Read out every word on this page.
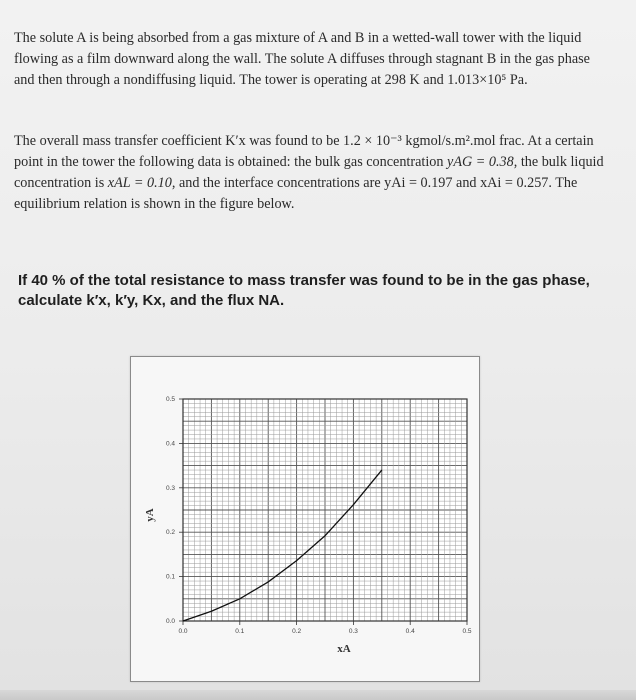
The solute A is being absorbed from a gas mixture of A and B in a wetted-wall tower with the liquid flowing as a film downward along the wall. The solute A diffuses through stagnant B in the gas phase and then through a nondiffusing liquid. The tower is operating at 298 K and 1.013×10⁵ Pa.
The overall mass transfer coefficient K′x was found to be 1.2 × 10⁻³ kgmol/s.m².mol frac. At a certain point in the tower the following data is obtained: the bulk gas concentration yAG = 0.38, the bulk liquid concentration is xAL = 0.10, and the interface concentrations are yAi = 0.197 and xAi = 0.257. The equilibrium relation is shown in the figure below.
If 40 % of the total resistance to mass transfer was found to be in the gas phase, calculate k′x, k′y, Kx, and the flux NA.
0.0	0.1	0.2	0.3	0.4	0.5
0.0
0.1
0.2
0.3
0.4
0.5
xA
yA
